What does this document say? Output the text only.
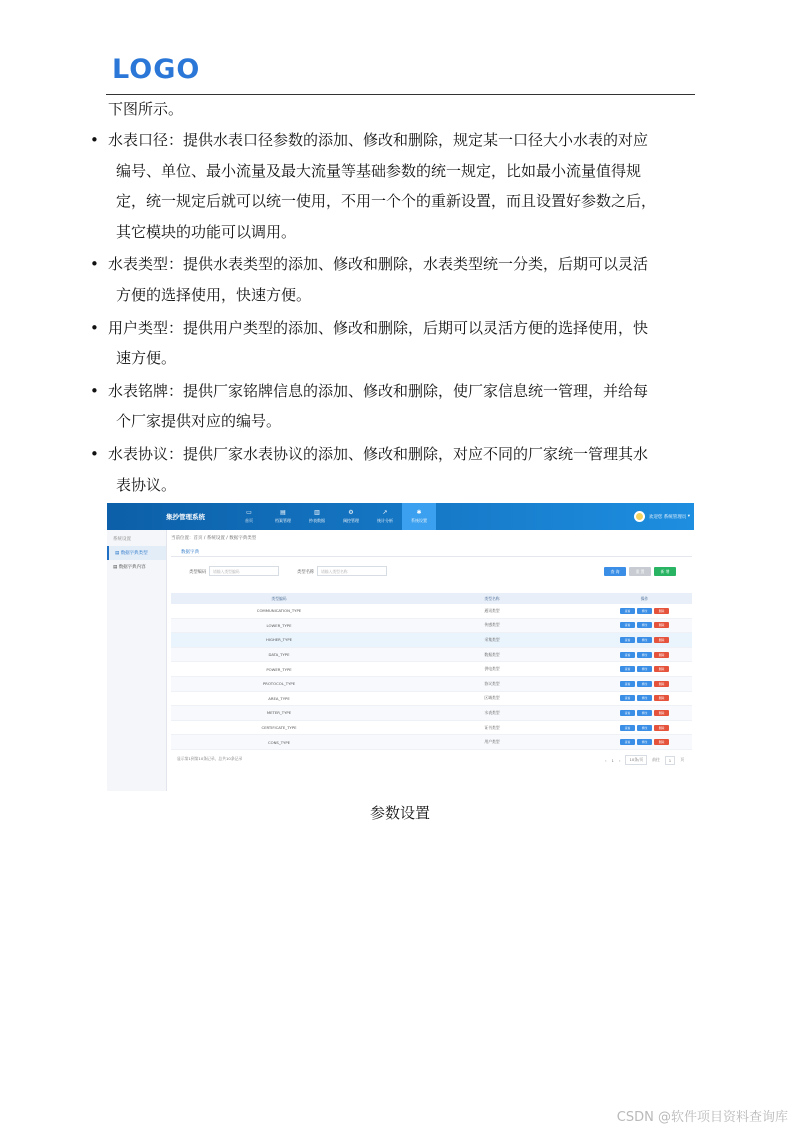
LOGO
下图所示。
• 水表口径：提供水表口径参数的添加、修改和删除，规定某一口径大小水表的对应
编号、单位、最小流量及最大流量等基础参数的统一规定，比如最小流量值得规
定，统一规定后就可以统一使用，不用一个个的重新设置，而且设置好参数之后，
其它模块的功能可以调用。
• 水表类型：提供水表类型的添加、修改和删除，水表类型统一分类，后期可以灵活
方便的选择使用，快速方便。
• 用户类型：提供用户类型的添加、修改和删除，后期可以灵活方便的选择使用，快
速方便。
• 水表铭牌：提供厂家铭牌信息的添加、修改和删除，使厂家信息统一管理，并给每
个厂家提供对应的编号。
• 水表协议：提供厂家水表协议的添加、修改和删除，对应不同的厂家统一管理其水
表协议。
集抄管理系统
▭
首页
▤
档案管理
▥
抄表数据
⚙
阀控管理
↗
统计分析
✱
系统设置
欢迎您 系统管理员 ▾
系统设置
▤ 数据字典类型
▤ 数据字典内容
当前位置：首页 / 系统设置 / 数据字典类型
数据字典
类型编码	请输入类型编码	类型名称	请输入类型名称	查 询	重 置	新 增
类型编码	类型名称	操作
COMMUNICATION_TYPE	通讯类型	查看	修改	删除
LOWER_TYPE	传感类型	查看	修改	删除
HIGHER_TYPE	采集类型	查看	修改	删除
DATA_TYPE	数据类型	查看	修改	删除
POWER_TYPE	供电类型	查看	修改	删除
PROTOCOL_TYPE	协议类型	查看	修改	删除
AREA_TYPE	区域类型	查看	修改	删除
METER_TYPE	水表类型	查看	修改	删除
CERTIFICATE_TYPE	证书类型	查看	修改	删除
CONS_TYPE	用户类型	查看	修改	删除
显示第1到第10条记录，总共10条记录	‹ 1 ›	10条/页	前往	1	页
参数设置
CSDN @软件项目资料查询库
